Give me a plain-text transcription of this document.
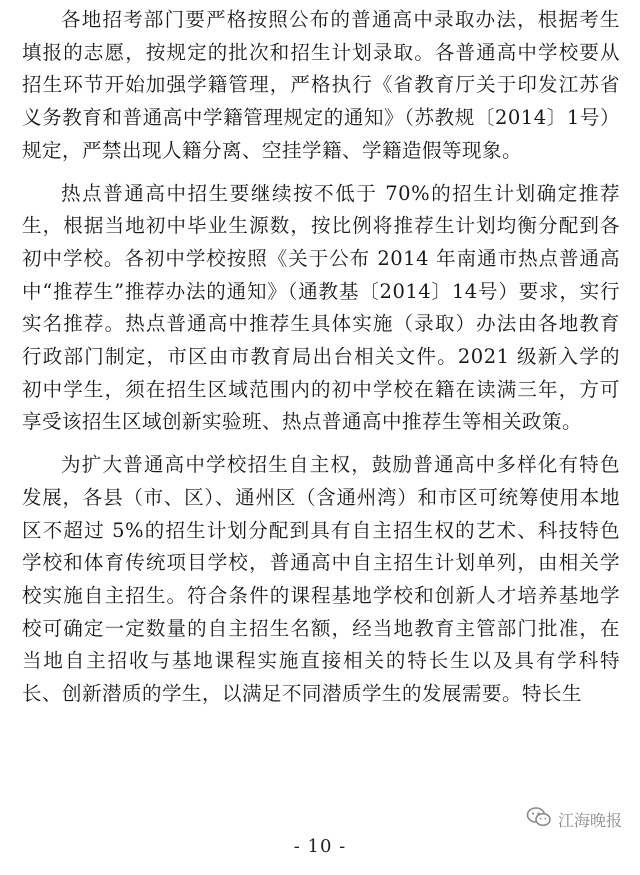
各地招考部门要严格按照公布的普通高中录取办法，根据考生填报的志愿，按规定的批次和招生计划录取。各普通高中学校要从招生环节开始加强学籍管理，严格执行《省教育厅关于印发江苏省义务教育和普通高中学籍管理规定的通知》（苏教规〔2014〕1号）规定，严禁出现人籍分离、空挂学籍、学籍造假等现象。

热点普通高中招生要继续按不低于 70%的招生计划确定推荐生，根据当地初中毕业生源数，按比例将推荐生计划均衡分配到各初中学校。各初中学校按照《关于公布 2014 年南通市热点普通高中“推荐生”推荐办法的通知》（通教基〔2014〕14号）要求，实行实名推荐。热点普通高中推荐生具体实施（录取）办法由各地教育行政部门制定，市区由市教育局出台相关文件。2021 级新入学的初中学生，须在招生区域范围内的初中学校在籍在读满三年，方可享受该招生区域创新实验班、热点普通高中推荐生等相关政策。

为扩大普通高中学校招生自主权，鼓励普通高中多样化有特色发展，各县（市、区）、通州区（含通州湾）和市区可统筹使用本地区不超过 5%的招生计划分配到具有自主招生权的艺术、科技特色学校和体育传统项目学校，普通高中自主招生计划单列，由相关学校实施自主招生。符合条件的课程基地学校和创新人才培养基地学校可确定一定数量的自主招生名额，经当地教育主管部门批准，在当地自主招收与基地课程实施直接相关的特长生以及具有学科特长、创新潜质的学生，以满足不同潜质学生的发展需要。特长生

江海晚报
- 10 -
